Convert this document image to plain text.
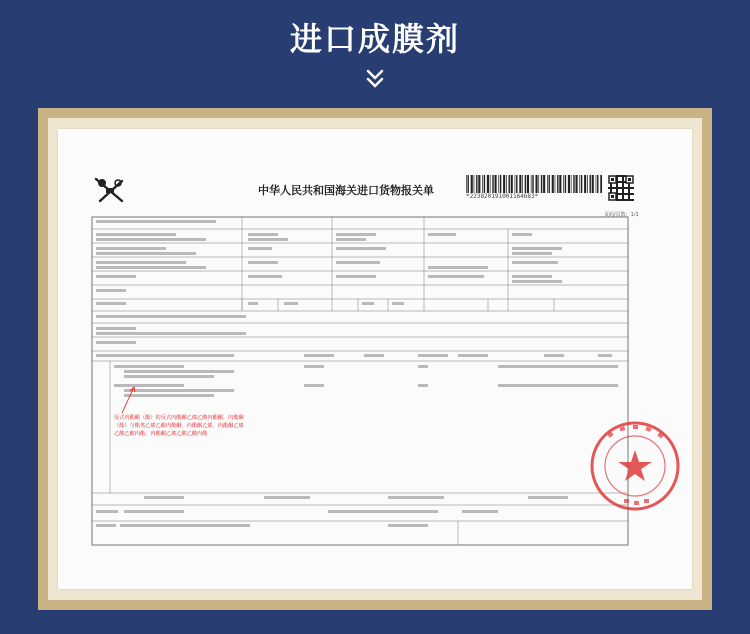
进口成膜剂
中华人民共和国海关进口货物报关单	*223820191001164683*
页码/页数：1/1
反式内酯酮（酯）的反式内酯酮乙烯乙酸内酯酮，内酯酮（酯）与酯类乙烯乙酸内酯酮，内酯酮乙烯，内酯酮乙烯乙酸乙酸内酯，内酯酮乙烯乙酸乙酸内酯
